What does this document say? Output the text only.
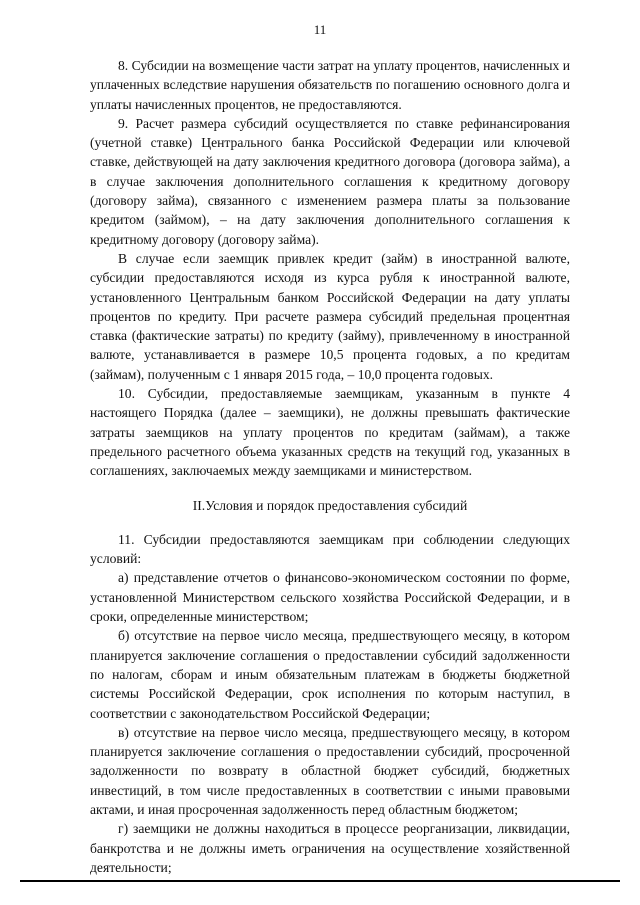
11

8. Субсидии на возмещение части затрат на уплату процентов, начисленных и уплаченных вследствие нарушения обязательств по погашению основного долга и уплаты начисленных процентов, не предоставляются.

9. Расчет размера субсидий осуществляется по ставке рефинансирования (учетной ставке) Центрального банка Российской Федерации или ключевой ставке, действующей на дату заключения кредитного договора (договора займа), а в случае заключения дополнительного соглашения к кредитному договору (договору займа), связанного с изменением размера платы за пользование кредитом (займом), – на дату заключения дополнительного соглашения к кредитному договору (договору займа).

В случае если заемщик привлек кредит (займ) в иностранной валюте, субсидии предоставляются исходя из курса рубля к иностранной валюте, установленного Центральным банком Российской Федерации на дату уплаты процентов по кредиту. При расчете размера субсидий предельная процентная ставка (фактические затраты) по кредиту (займу), привлеченному в иностранной валюте, устанавливается в размере 10,5 процента годовых, а по кредитам (займам), полученным с 1 января 2015 года, – 10,0 процента годовых.

10. Субсидии, предоставляемые заемщикам, указанным в пункте 4 настоящего Порядка (далее – заемщики), не должны превышать фактические затраты заемщиков на уплату процентов по кредитам (займам), а также предельного расчетного объема указанных средств на текущий год, указанных в соглашениях, заключаемых между заемщиками и министерством.

II.Условия и порядок предоставления субсидий

11. Субсидии предоставляются заемщикам при соблюдении следующих условий:

а) представление отчетов о финансово-экономическом состоянии по форме, установленной Министерством сельского хозяйства Российской Федерации, и в сроки, определенные министерством;

б) отсутствие на первое число месяца, предшествующего месяцу, в котором планируется заключение соглашения о предоставлении субсидий задолженности по налогам, сборам и иным обязательным платежам в бюджеты бюджетной системы Российской Федерации, срок исполнения по которым наступил, в соответствии с законодательством Российской Федерации;

в) отсутствие на первое число месяца, предшествующего месяцу, в котором планируется заключение соглашения о предоставлении субсидий, просроченной задолженности по возврату в областной бюджет субсидий, бюджетных инвестиций, в том числе предоставленных в соответствии с иными правовыми актами, и иная просроченная задолженность перед областным бюджетом;

г) заемщики не должны находиться в процессе реорганизации, ликвидации, банкротства и не должны иметь ограничения на осуществление хозяйственной деятельности;
